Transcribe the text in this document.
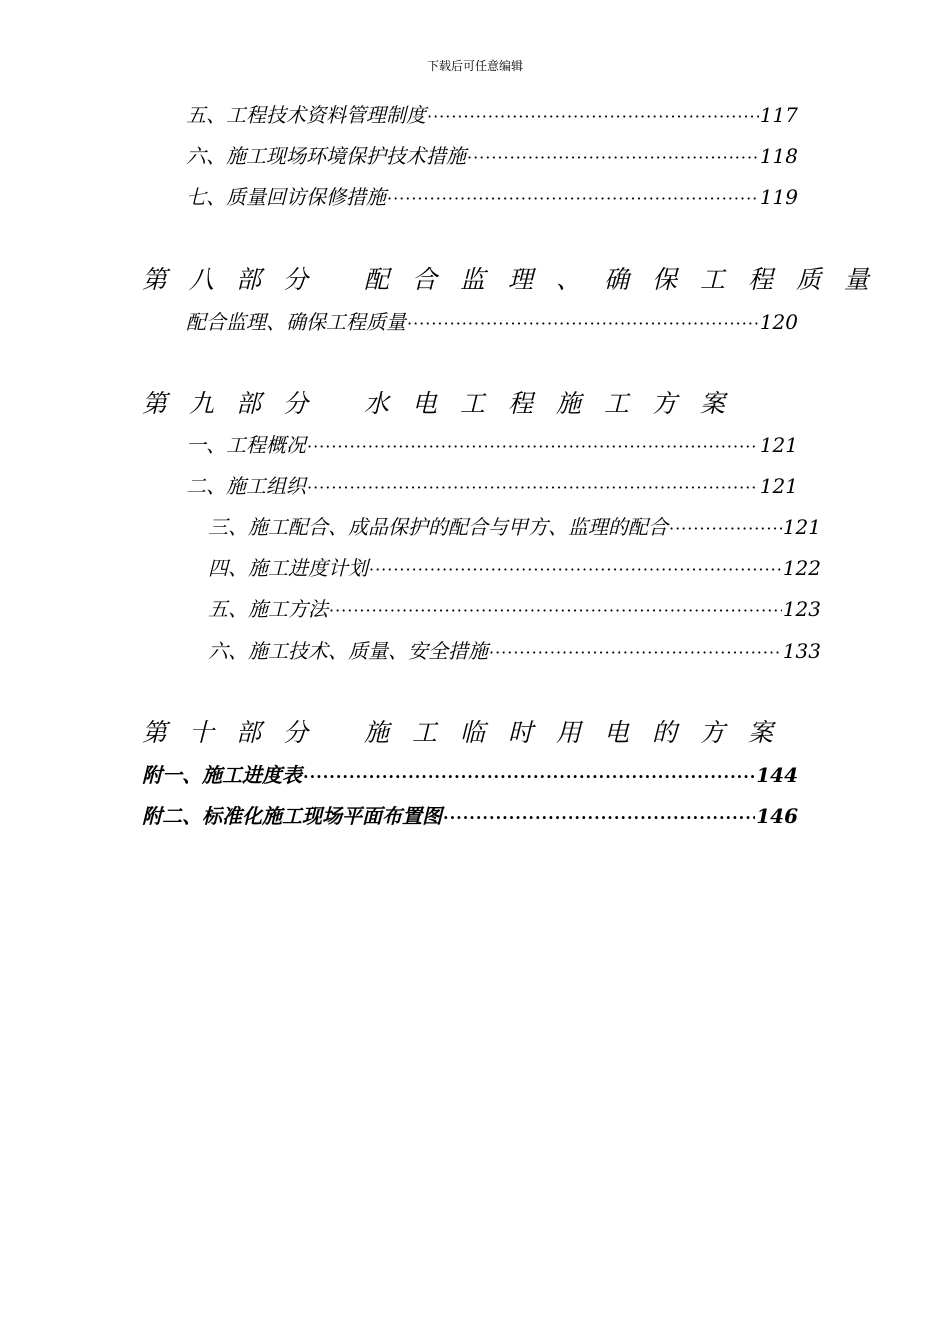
下载后可任意编辑
五、工程技术资料管理制度 ·····	117
六、施工现场环境保护技术措施 ·····	118
七、质量回访保修措施 ·····	119
第八部分	配合监理、确保工程质量
配合监理、确保工程质量 ·····	120
第九部分	水电工程施工方案
一、工程概况 ·····	121
二、施工组织 ·····	121
三、施工配合、成品保护的配合与甲方、监理的配合 ·····	121
四、施工进度计划 ·····	122
五、施工方法 ·····	123
六、施工技术、质量、安全措施 ·····	133
第十部分	施工临时用电的方案
附一、施工进度表 ·····	144
附二、标准化施工现场平面布置图 ·····	146
